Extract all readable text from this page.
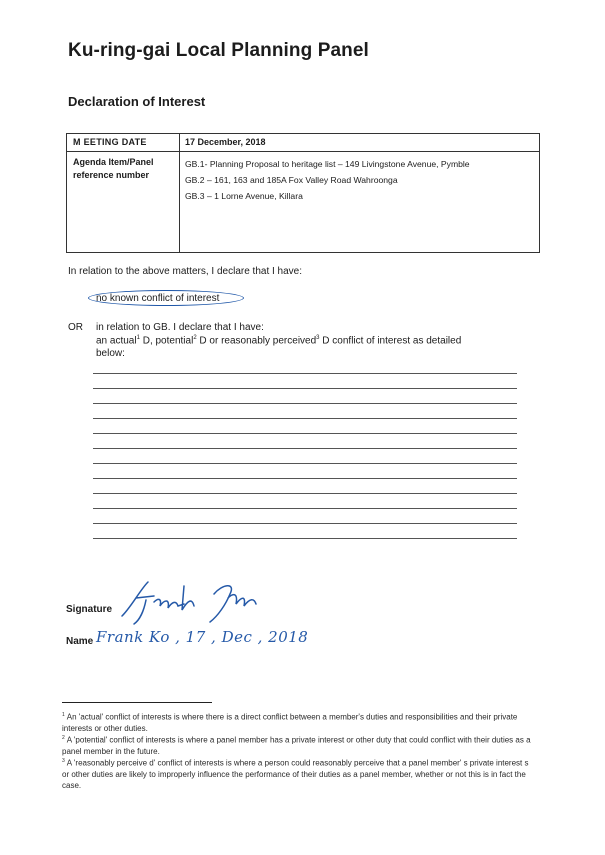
Ku-ring-gai Local Planning Panel
Declaration of Interest
M EETING DATE	17 December, 2018
Agenda Item/Panel
reference number
GB.1- Planning Proposal to heritage list – 149 Livingstone Avenue, Pymble
GB.2 – 161, 163 and 185A Fox Valley Road Wahroonga
GB.3 – 1 Lorne Avenue, Killara
In relation to the above matters, I declare that I have:
no known conflict of interest
OR in relation to GB. I declare that I have:
an actual$^1$ D, potential$^2$ D or reasonably perceived$^3$ D conflict of interest as detailed
below:
Signature
Name Frank Ko , 17 , Dec , 2018
$^1$ An 'actual' conflict of interests is where there is a direct conflict between a member's duties and responsibilities and their private interests or other duties.
$^2$ A 'potential' conflict of interests is where a panel member has a private interest or other duty that could conflict with their duties as a panel member in the future.
$^3$ A 'reasonably perceive d' conflict of interests is where a person could reasonably perceive that a panel member' s private interest s or other duties are likely to improperly influence the performance of their duties as a panel member, whether or not this is in fact the case.
